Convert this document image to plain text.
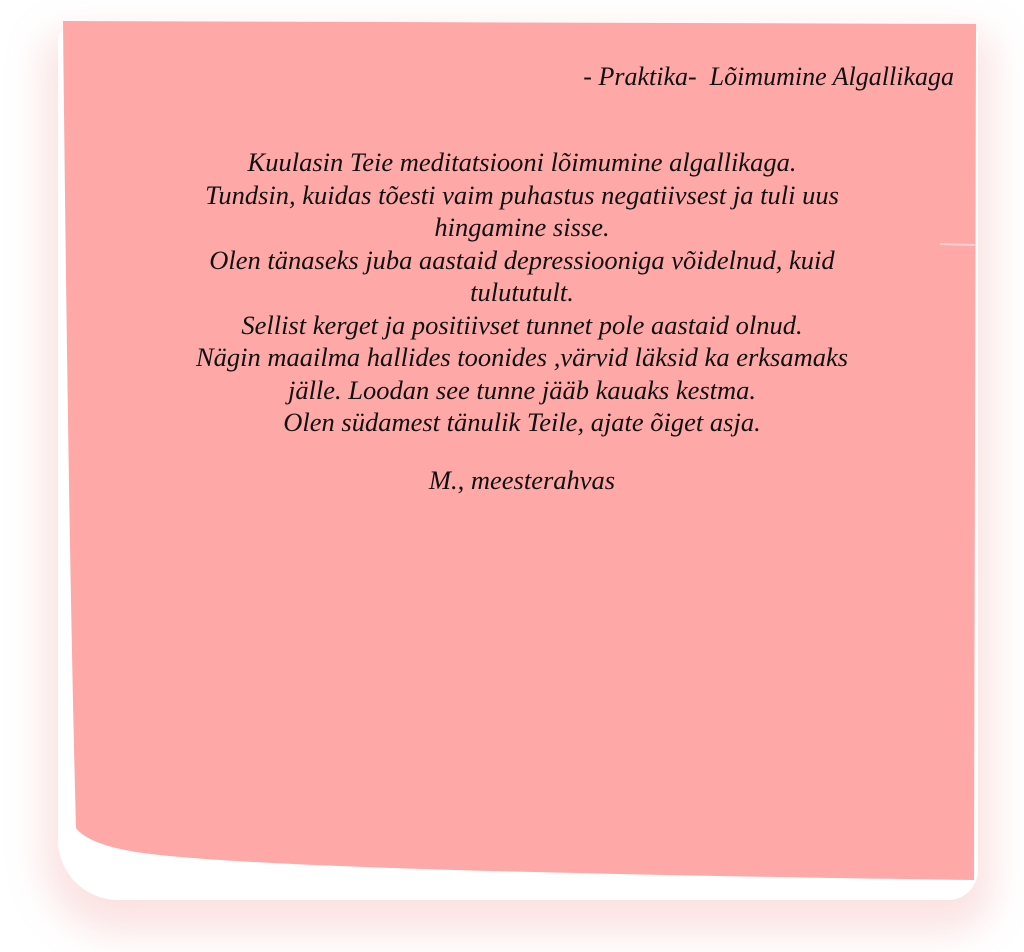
- Praktika-  Lõimumine Algallikaga
Kuulasin Teie meditatsiooni lõimumine algallikaga.
Tundsin, kuidas tõesti vaim puhastus negatiivsest ja tuli uus
hingamine sisse.
Olen tänaseks juba aastaid depressiooniga võidelnud, kuid
tulututult.
Sellist kerget ja positiivset tunnet pole aastaid olnud.
Nägin maailma hallides toonides ,värvid läksid ka erksamaks
jälle. Loodan see tunne jääb kauaks kestma.
Olen südamest tänulik Teile, ajate õiget asja.
M., meesterahvas
